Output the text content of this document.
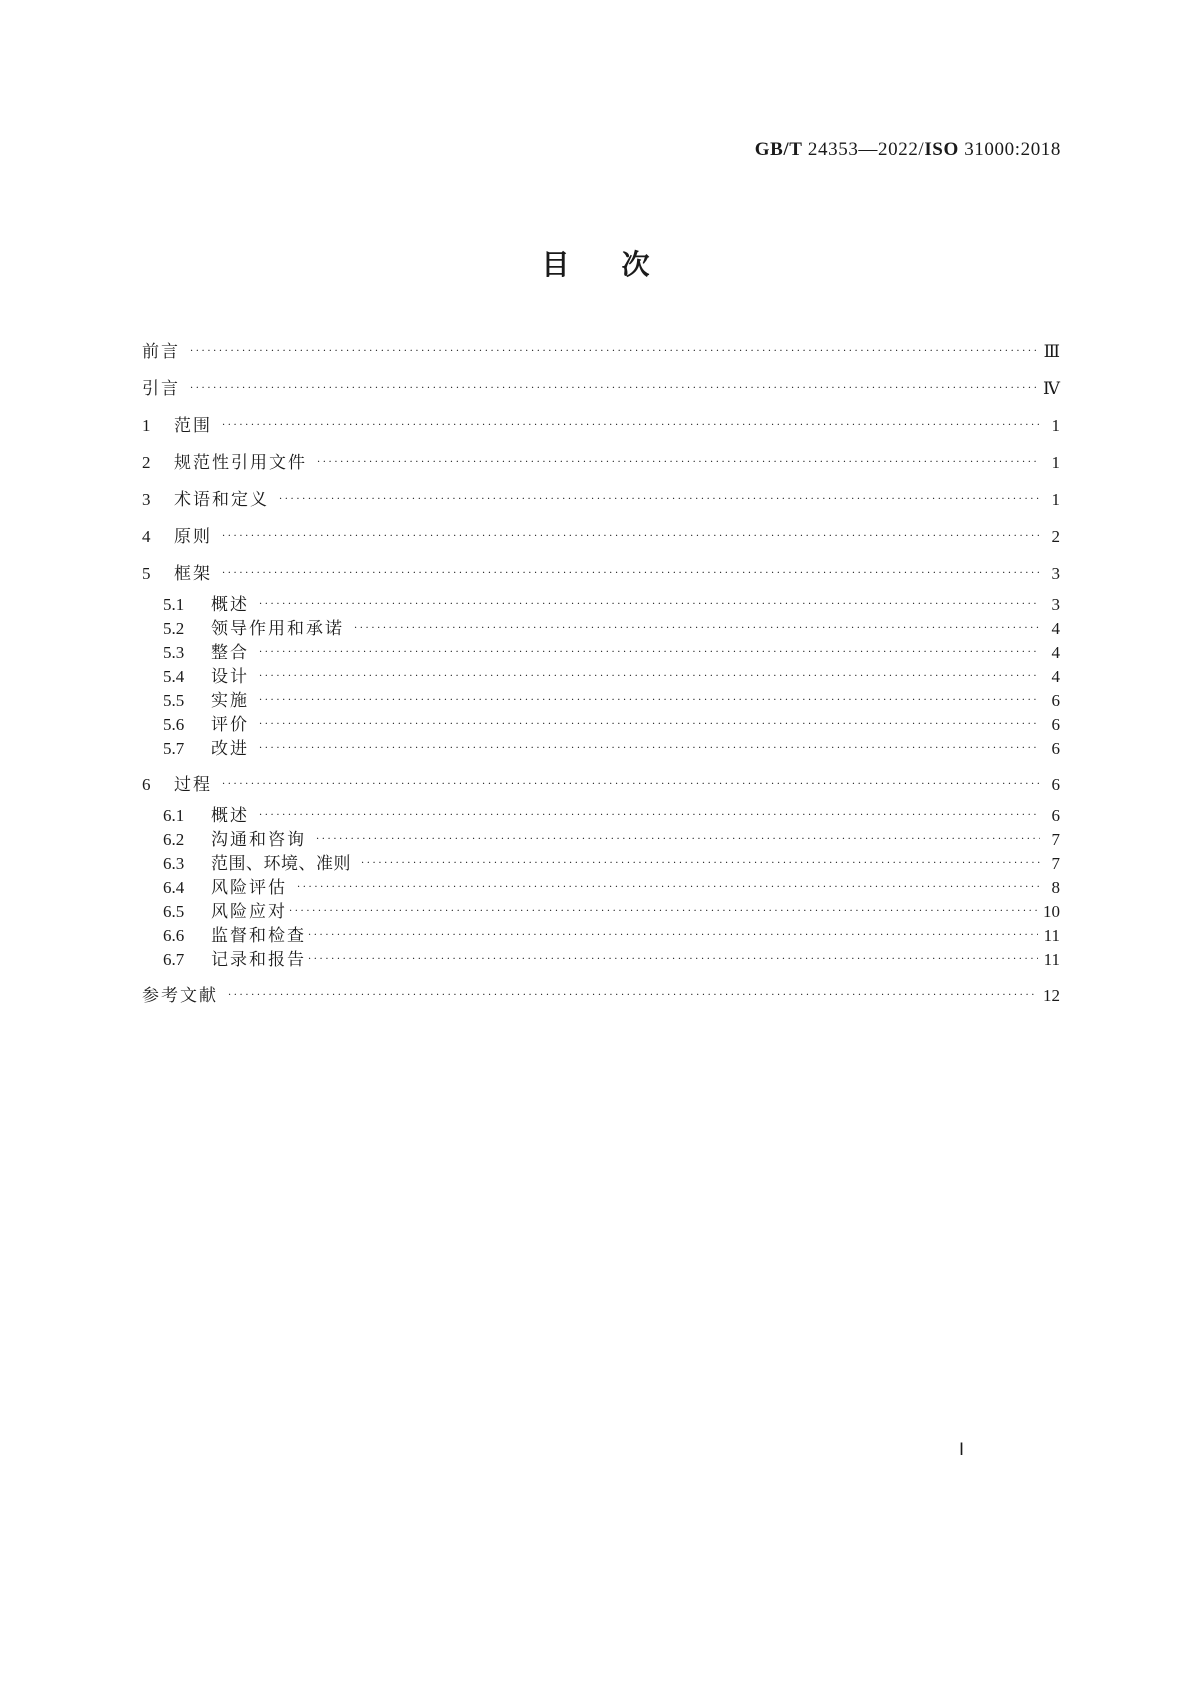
GB/T 24353—2022/ISO 31000:2018
目次
前言 ·····	Ⅲ
引言 ·····	Ⅳ
1	范围 ·····	1
2	规范性引用文件 ·····	1
3	术语和定义 ·····	1
4	原则 ·····	2
5	框架 ·····	3
5.1	概述 ·····	3
5.2	领导作用和承诺 ·····	4
5.3	整合 ·····	4
5.4	设计 ·····	4
5.5	实施 ·····	6
5.6	评价 ·····	6
5.7	改进 ·····	6
6	过程 ·····	6
6.1	概述 ·····	6
6.2	沟通和咨询 ·····	7
6.3	范围、环境、准则 ·····	7
6.4	风险评估 ·····	8
6.5	风险应对 ·····	10
6.6	监督和检查 ·····	11
6.7	记录和报告 ·····	11
参考文献 ·····	12
Ⅰ
